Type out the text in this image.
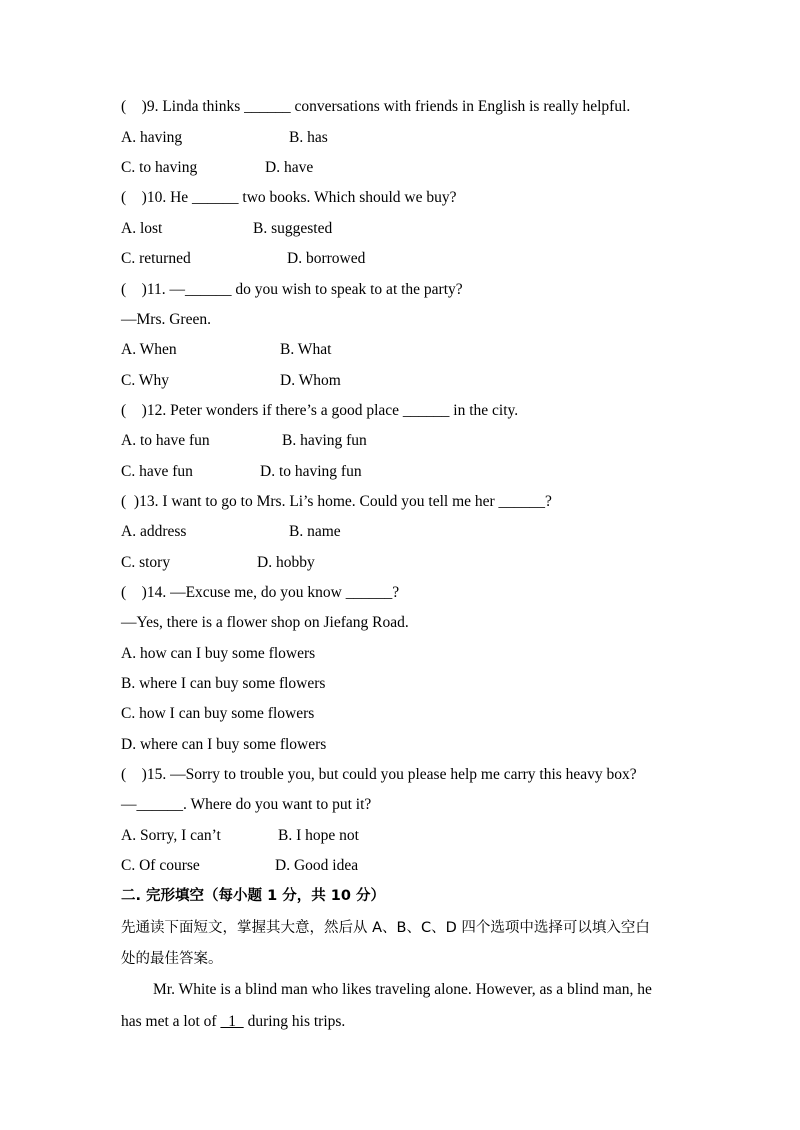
(    )9. Linda thinks ______ conversations with friends in English is really helpful.
A. having	B. has
C. to having	D. have
(    )10. He ______ two books. Which should we buy?
A. lost	B. suggested
C. returned	D. borrowed
(    )11. —______ do you wish to speak to at the party?
—Mrs. Green.
A. When	B. What
C. Why	D. Whom
(    )12. Peter wonders if there’s a good place ______ in the city.
A. to have fun	B. having fun
C. have fun	D. to having fun
(  )13. I want to go to Mrs. Li’s home. Could you tell me her ______?
A. address	B. name
C. story	D. hobby
(    )14. —Excuse me, do you know ______?
—Yes, there is a flower shop on Jiefang Road.
A. how can I buy some flowers
B. where I can buy some flowers
C. how I can buy some flowers
D. where can I buy some flowers
(    )15. —Sorry to trouble you, but could you please help me carry this heavy box?
—______. Where do you want to put it?
A. Sorry, I can’t	B. I hope not
C. Of course	D. Good idea
二. 完形填空（每小题 1 分，共 10 分）
先通读下面短文，掌握其大意，然后从 A、B、C、D 四个选项中选择可以填入空白
处的最佳答案。
Mr. White is a blind man who likes traveling alone. However, as a blind man, he
has met a lot of   1   during his trips.
